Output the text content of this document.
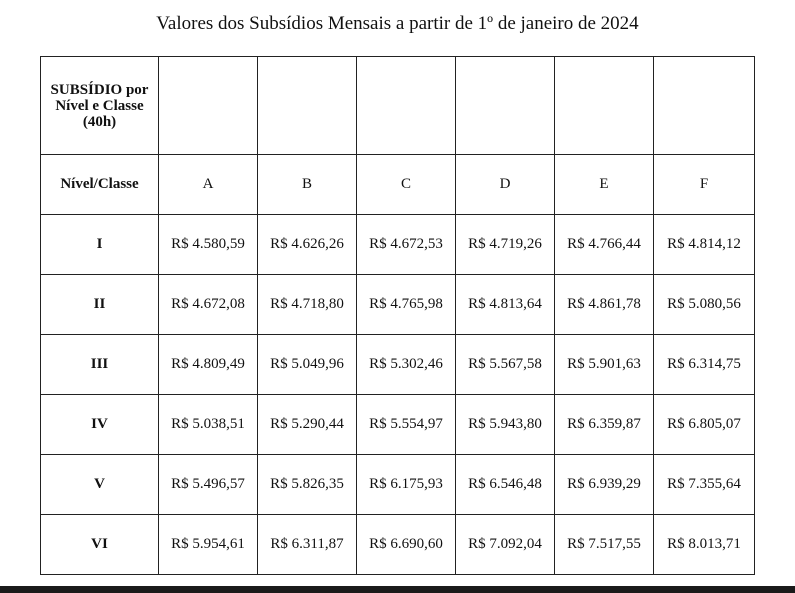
Valores dos Subsídios Mensais a partir de 1º de janeiro de 2024
SUBSÍDIO por
Nível e Classe
(40h)						
Nível/Classe	A	B	C	D	E	F
I	R$ 4.580,59	R$ 4.626,26	R$ 4.672,53	R$ 4.719,26	R$ 4.766,44	R$ 4.814,12
II	R$ 4.672,08	R$ 4.718,80	R$ 4.765,98	R$ 4.813,64	R$ 4.861,78	R$ 5.080,56
III	R$ 4.809,49	R$ 5.049,96	R$ 5.302,46	R$ 5.567,58	R$ 5.901,63	R$ 6.314,75
IV	R$ 5.038,51	R$ 5.290,44	R$ 5.554,97	R$ 5.943,80	R$ 6.359,87	R$ 6.805,07
V	R$ 5.496,57	R$ 5.826,35	R$ 6.175,93	R$ 6.546,48	R$ 6.939,29	R$ 7.355,64
VI	R$ 5.954,61	R$ 6.311,87	R$ 6.690,60	R$ 7.092,04	R$ 7.517,55	R$ 8.013,71
